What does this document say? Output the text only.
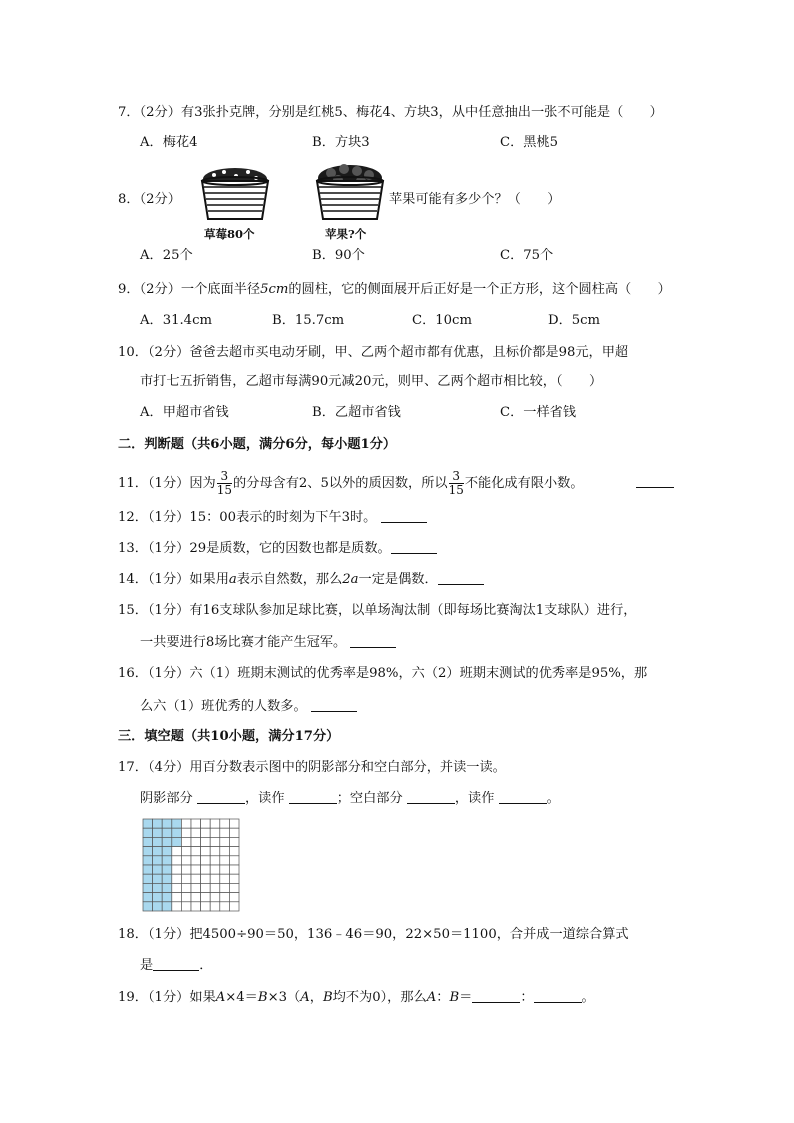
7．（2分）有3张扑克牌，分别是红桃5、梅花4、方块3，从中任意抽出一张不可能是（　　）
A．梅花4	B．方块3	C．黑桃5
8．（2分）
草莓80个	苹果?个
苹果可能有多少个？（　　）
A．25个	B．90个	C．75个
9．（2分）一个底面半径5cm的圆柱，它的侧面展开后正好是一个正方形，这个圆柱高（　　）
A．31.4cm	B．15.7cm	C．10cm	D．5cm
10．（2分）爸爸去超市买电动牙刷，甲、乙两个超市都有优惠，且标价都是98元，甲超
市打七五折销售，乙超市每满90元减20元，则甲、乙两个超市相比较，（　　）
A．甲超市省钱	B．乙超市省钱	C．一样省钱
二．判断题（共6小题，满分6分，每小题1分）
11．（1分）因为 $\frac{3}{15}$ 的分母含有2、5以外的质因数，所以 $\frac{3}{15}$ 不能化成有限小数。
12．（1分）15：00表示的时刻为下午3时。
13．（1分）29是质数，它的因数也都是质数。
14．（1分）如果用a表示自然数，那么2a一定是偶数．
15．（1分）有16支球队参加足球比赛，以单场淘汰制（即每场比赛淘汰1支球队）进行，
一共要进行8场比赛才能产生冠军。
16．（1分）六（1）班期末测试的优秀率是98%，六（2）班期末测试的优秀率是95%，那
么六（1）班优秀的人数多。
三．填空题（共10小题，满分17分）
17．（4分）用百分数表示图中的阴影部分和空白部分，并读一读。
阴影部分	，读作	；空白部分	，读作	。
18．（1分）把4500÷90＝50，136﹣46＝90，22×50＝1100，合并成一道综合算式
是	．
19．（1分）如果A×4＝B×3（A，B均不为0），那么A：B＝	：	。
